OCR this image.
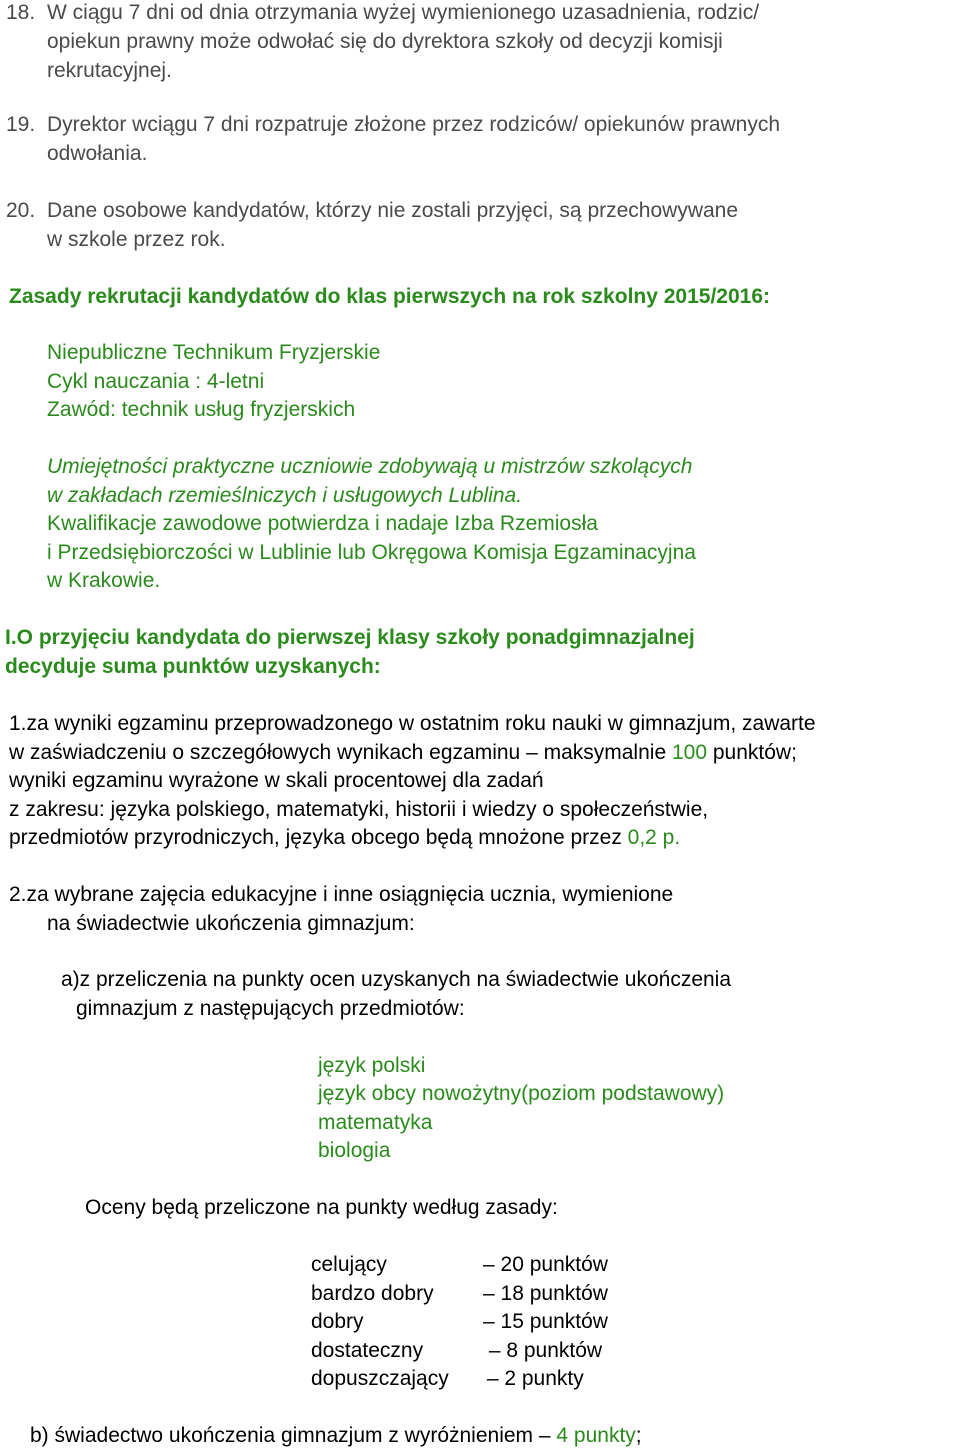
18. W ciągu 7 dni od dnia otrzymania wyżej wymienionego uzasadnienia, rodzic/
opiekun prawny może odwołać się do dyrektora szkoły od decyzji komisji
rekrutacyjnej.
19. Dyrektor wciągu 7 dni rozpatruje złożone przez rodziców/ opiekunów prawnych
odwołania.
20. Dane osobowe kandydatów, którzy nie zostali przyjęci, są przechowywane
w szkole przez rok.
Zasady rekrutacji kandydatów do klas pierwszych na rok szkolny 2015/2016:
Niepubliczne Technikum Fryzjerskie
Cykl nauczania : 4-letni
Zawód: technik usług fryzjerskich
Umiejętności praktyczne uczniowie zdobywają u mistrzów szkolących
w zakładach rzemieślniczych i usługowych Lublina.
Kwalifikacje zawodowe potwierdza i nadaje Izba Rzemiosła
i Przedsiębiorczości w Lublinie lub Okręgowa Komisja Egzaminacyjna
w Krakowie.
I.O przyjęciu kandydata do pierwszej klasy szkoły ponadgimnazjalnej
decyduje suma punktów uzyskanych:
1.za wyniki egzaminu przeprowadzonego w ostatnim roku nauki w gimnazjum, zawarte
w zaświadczeniu o szczegółowych wynikach egzaminu – maksymalnie 100 punktów;
wyniki egzaminu wyrażone w skali procentowej dla zadań
z zakresu: języka polskiego, matematyki, historii i wiedzy o społeczeństwie,
przedmiotów przyrodniczych, języka obcego będą mnożone przez 0,2 p.
2.za wybrane zajęcia edukacyjne i inne osiągnięcia ucznia, wymienione
na świadectwie ukończenia gimnazjum:
a)z przeliczenia na punkty ocen uzyskanych na świadectwie ukończenia
gimnazjum z następujących przedmiotów:
język polski
język obcy nowożytny(poziom podstawowy)
matematyka
biologia
Oceny będą przeliczone na punkty według zasady:
celujący	– 20 punktów
bardzo dobry – 18 punktów
dobry	– 15 punktów
dostateczny	– 8 punktów
dopuszczający – 2 punkty
b) świadectwo ukończenia gimnazjum z wyróżnieniem – 4 punkty;
